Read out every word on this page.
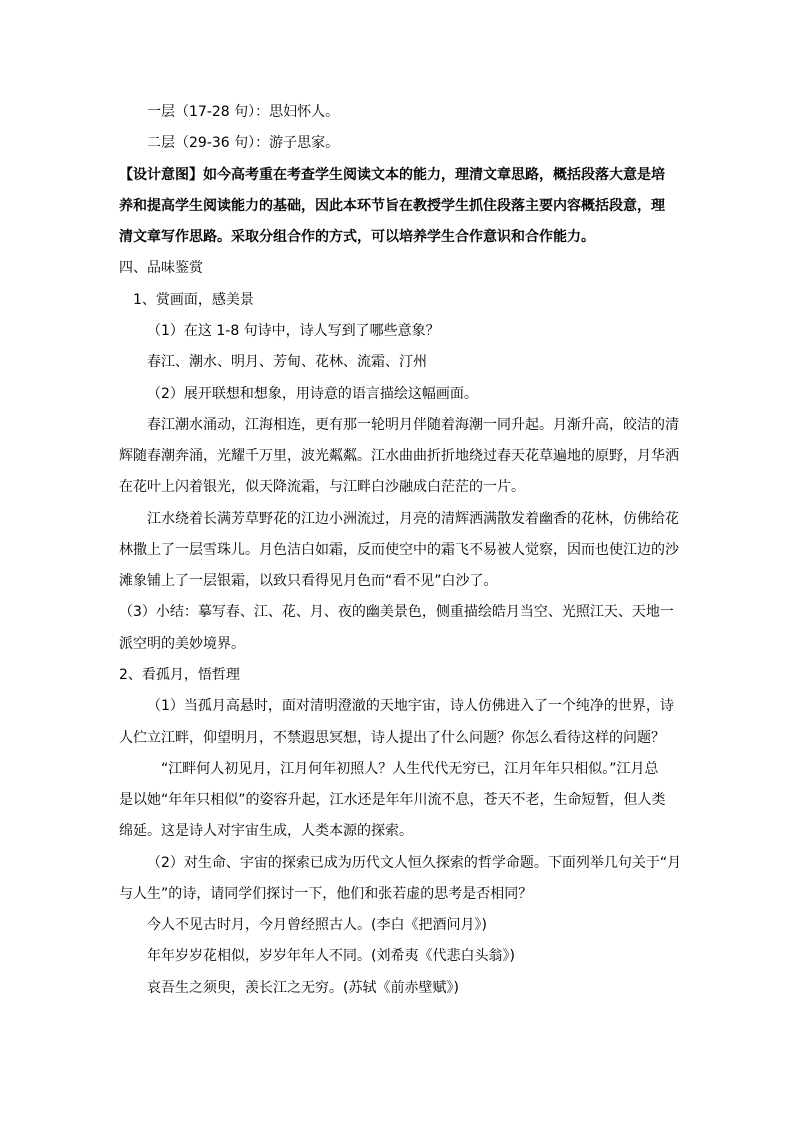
一层（17-28 句）：思妇怀人。
二层（29-36 句）：游子思家。
【设计意图】如今高考重在考查学生阅读文本的能力，理清文章思路，概括段落大意是培
养和提高学生阅读能力的基础，因此本环节旨在教授学生抓住段落主要内容概括段意，理
清文章写作思路。采取分组合作的方式，可以培养学生合作意识和合作能力。
四、品味鉴赏
1、赏画面，感美景
（1）在这 1-8 句诗中，诗人写到了哪些意象？
春江、潮水、明月、芳甸、花林、流霜、汀州
（2）展开联想和想象，用诗意的语言描绘这幅画面。
春江潮水涌动，江海相连，更有那一轮明月伴随着海潮一同升起。月渐升高，皎洁的清
辉随春潮奔涌，光耀千万里，波光粼粼。江水曲曲折折地绕过春天花草遍地的原野，月华洒
在花叶上闪着银光，似天降流霜，与江畔白沙融成白茫茫的一片。
江水绕着长满芳草野花的江边小洲流过，月亮的清辉洒满散发着幽香的花林，仿佛给花
林撒上了一层雪珠儿。月色洁白如霜，反而使空中的霜飞不易被人觉察，因而也使江边的沙
滩象铺上了一层银霜，以致只看得见月色而“看不见”白沙了。
（3）小结：摹写春、江、花、月、夜的幽美景色，侧重描绘皓月当空、光照江天、天地一
派空明的美妙境界。
2、看孤月，悟哲理
（1）当孤月高悬时，面对清明澄澈的天地宇宙，诗人仿佛进入了一个纯净的世界，诗
人伫立江畔，仰望明月，不禁遐思冥想，诗人提出了什么问题？你怎么看待这样的问题？
“江畔何人初见月，江月何年初照人？人生代代无穷已，江月年年只相似。”江月总
是以她“年年只相似”的姿容升起，江水还是年年川流不息，苍天不老，生命短暂，但人类
绵延。这是诗人对宇宙生成，人类本源的探索。
（2）对生命、宇宙的探索已成为历代文人恒久探索的哲学命题。下面列举几句关于“月
与人生”的诗，请同学们探讨一下，他们和张若虚的思考是否相同？
今人不见古时月，今月曾经照古人。(李白《把酒问月》)
年年岁岁花相似，岁岁年年人不同。(刘希夷《代悲白头翁》)
哀吾生之须臾，羡长江之无穷。(苏轼《前赤壁赋》)
